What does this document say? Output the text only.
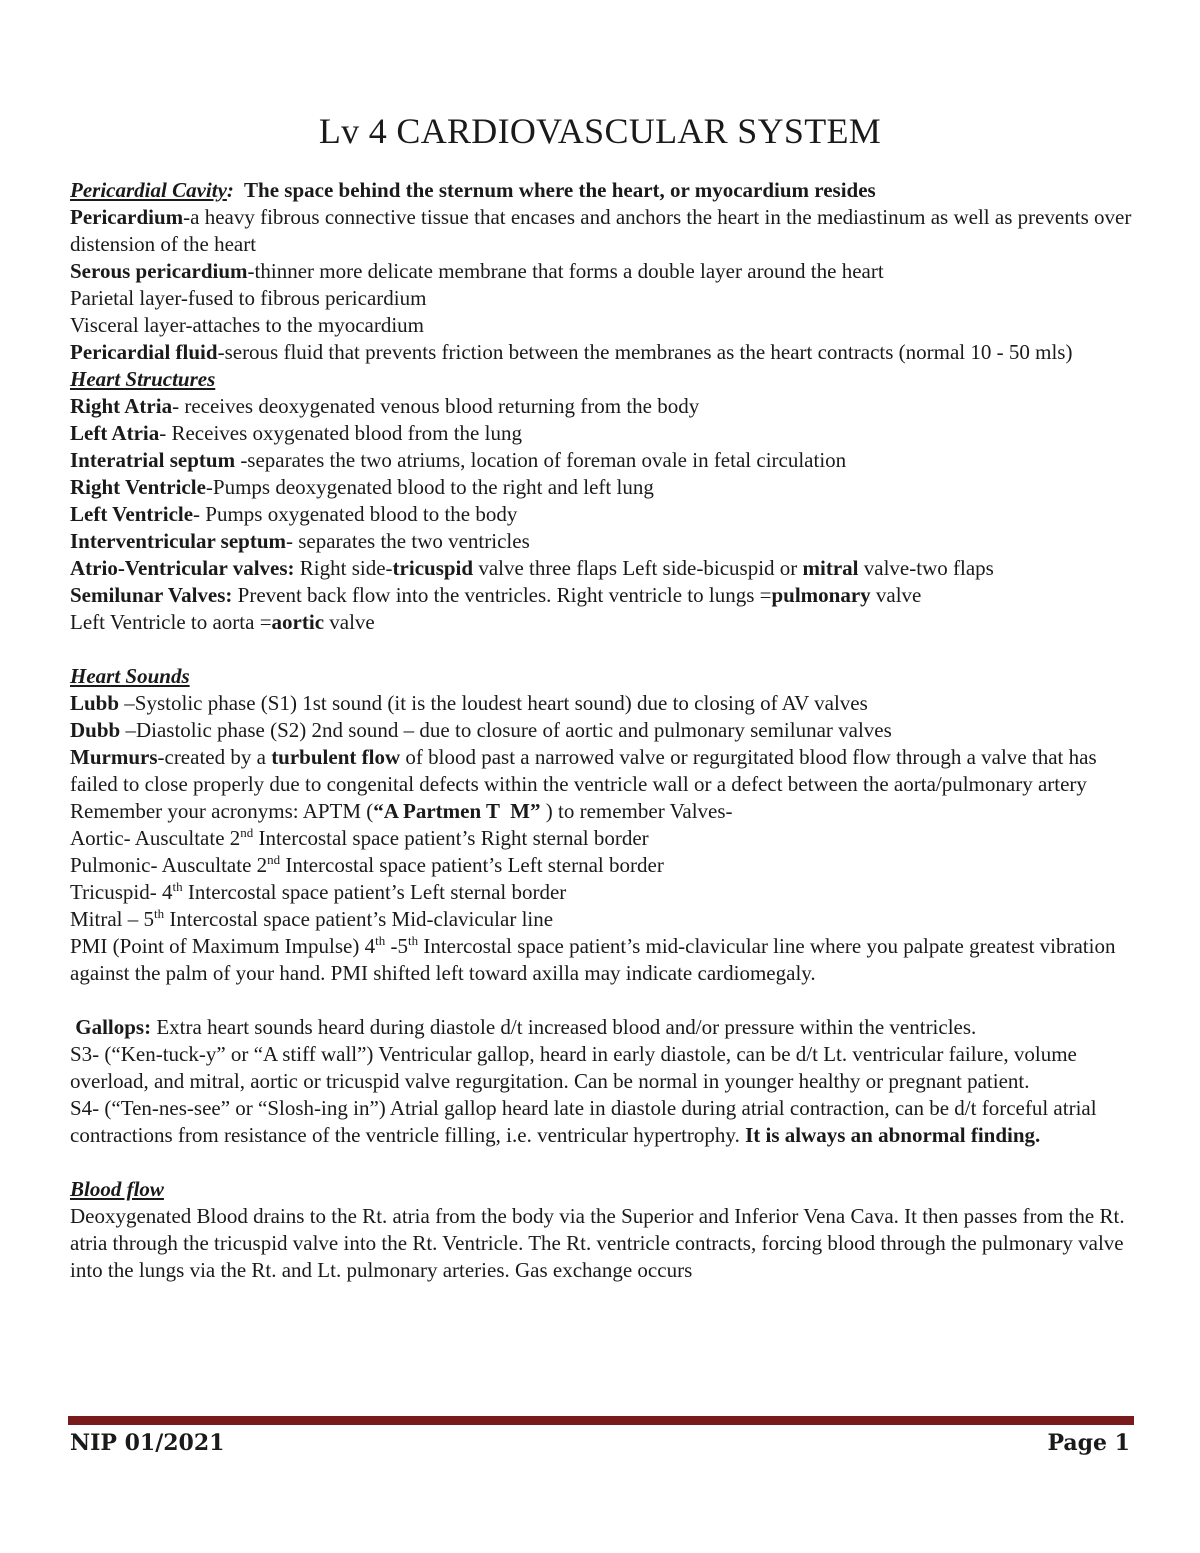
Lv 4 CARDIOVASCULAR SYSTEM
Pericardial Cavity:  The space behind the sternum where the heart, or myocardium resides
Pericardium-a heavy fibrous connective tissue that encases and anchors the heart in the mediastinum as well as prevents over distension of the heart
Serous pericardium-thinner more delicate membrane that forms a double layer around the heart
Parietal layer-fused to fibrous pericardium
Visceral layer-attaches to the myocardium
Pericardial fluid-serous fluid that prevents friction between the membranes as the heart contracts (normal 10 - 50 mls)
Heart Structures
Right Atria- receives deoxygenated venous blood returning from the body
Left Atria- Receives oxygenated blood from the lung
Interatrial septum -separates the two atriums, location of foreman ovale in fetal circulation
Right Ventricle-Pumps deoxygenated blood to the right and left lung
Left Ventricle- Pumps oxygenated blood to the body
Interventricular septum- separates the two ventricles
Atrio-Ventricular valves: Right side-tricuspid valve three flaps Left side-bicuspid or mitral valve-two flaps
Semilunar Valves: Prevent back flow into the ventricles. Right ventricle to lungs =pulmonary valve
Left Ventricle to aorta =aortic valve
Heart Sounds
Lubb –Systolic phase (S1) 1st sound (it is the loudest heart sound) due to closing of AV valves
Dubb –Diastolic phase (S2) 2nd sound – due to closure of aortic and pulmonary semilunar valves
Murmurs-created by a turbulent flow of blood past a narrowed valve or regurgitated blood flow through a valve that has failed to close properly due to congenital defects within the ventricle wall or a defect between the aorta/pulmonary artery
Remember your acronyms: APTM (“A Partmen T  M” ) to remember Valves-
Aortic- Auscultate 2nd Intercostal space patient’s Right sternal border
Pulmonic- Auscultate 2nd Intercostal space patient’s Left sternal border
Tricuspid- 4th Intercostal space patient’s Left sternal border
Mitral – 5th Intercostal space patient’s Mid-clavicular line
PMI (Point of Maximum Impulse) 4th -5th Intercostal space patient’s mid-clavicular line where you palpate greatest vibration against the palm of your hand. PMI shifted left toward axilla may indicate cardiomegaly.
Gallops: Extra heart sounds heard during diastole d/t increased blood and/or pressure within the ventricles.
S3- (“Ken-tuck-y” or “A stiff wall”) Ventricular gallop, heard in early diastole, can be d/t Lt. ventricular failure, volume overload, and mitral, aortic or tricuspid valve regurgitation. Can be normal in younger healthy or pregnant patient.
S4- (“Ten-nes-see” or “Slosh-ing in”) Atrial gallop heard late in diastole during atrial contraction, can be d/t forceful atrial contractions from resistance of the ventricle filling, i.e. ventricular hypertrophy. It is always an abnormal finding.
Blood flow
Deoxygenated Blood drains to the Rt. atria from the body via the Superior and Inferior Vena Cava. It then passes from the Rt. atria through the tricuspid valve into the Rt. Ventricle. The Rt. ventricle contracts, forcing blood through the pulmonary valve into the lungs via the Rt. and Lt. pulmonary arteries. Gas exchange occurs
NIP 01/2021	Page 1
